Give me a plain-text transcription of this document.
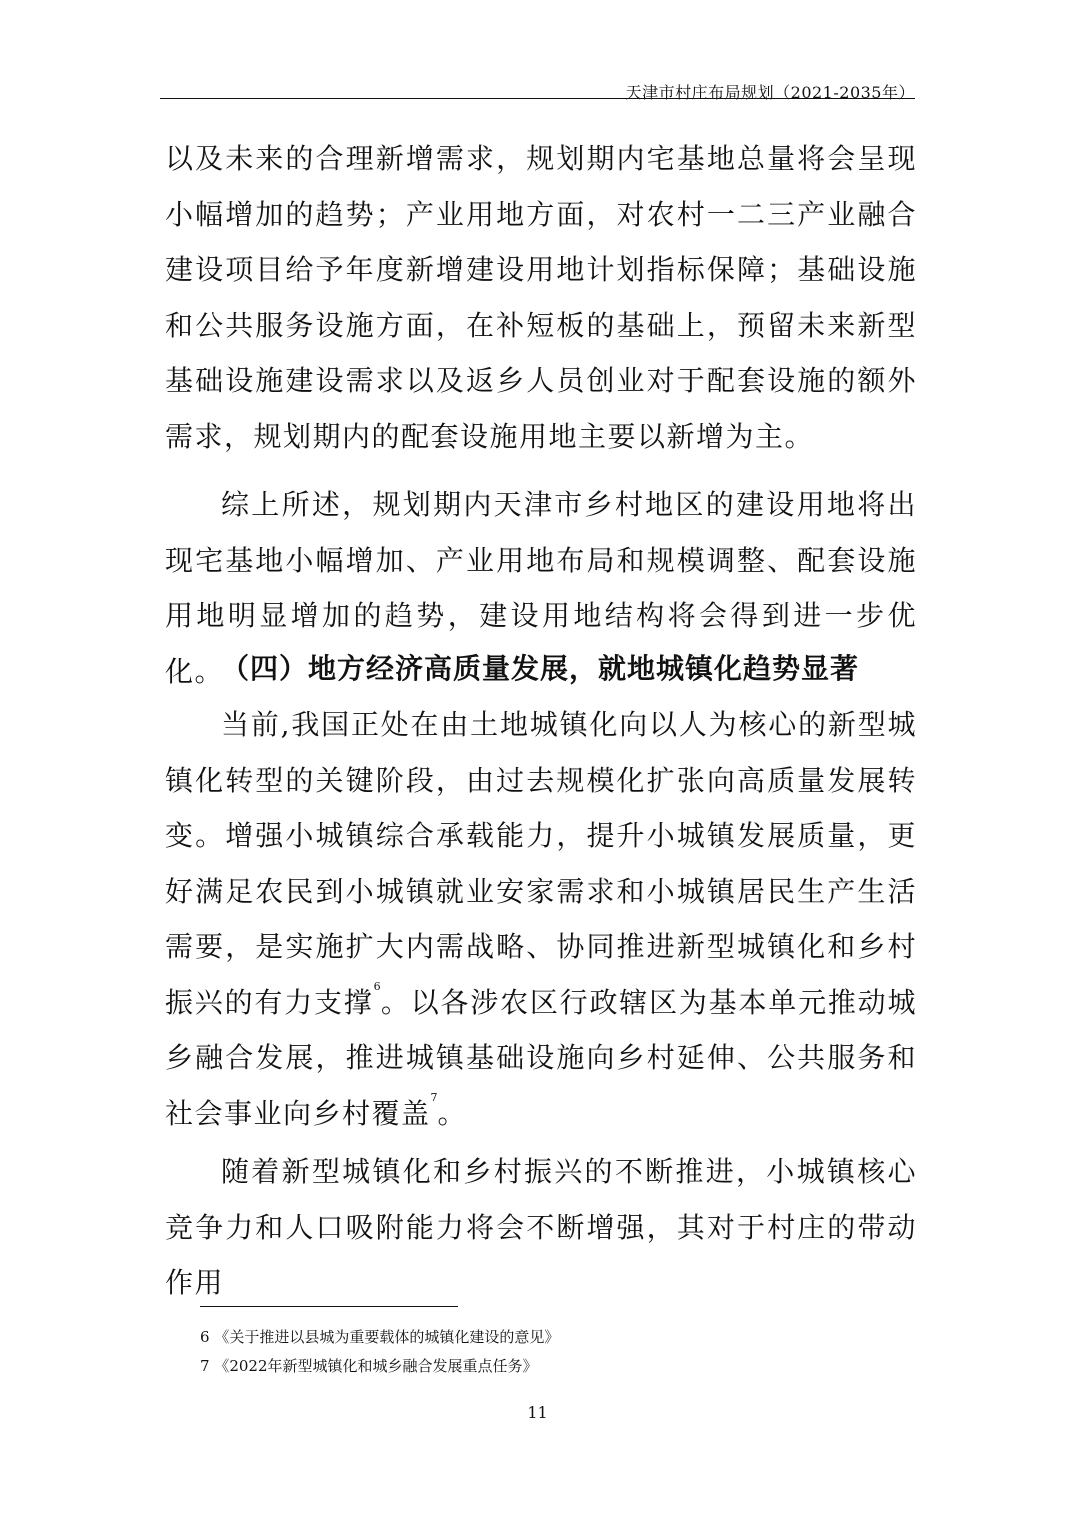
天津市村庄布局规划（2021-2035年）

以及未来的合理新增需求，规划期内宅基地总量将会呈现小幅增加的趋势；产业用地方面，对农村一二三产业融合建设项目给予年度新增建设用地计划指标保障；基础设施和公共服务设施方面，在补短板的基础上，预留未来新型基础设施建设需求以及返乡人员创业对于配套设施的额外需求，规划期内的配套设施用地主要以新增为主。

综上所述，规划期内天津市乡村地区的建设用地将出现宅基地小幅增加、产业用地布局和规模调整、配套设施用地明显增加的趋势，建设用地结构将会得到进一步优化。

（四）地方经济高质量发展，就地城镇化趋势显著

当前,我国正处在由土地城镇化向以人为核心的新型城镇化转型的关键阶段，由过去规模化扩张向高质量发展转变。增强小城镇综合承载能力，提升小城镇发展质量，更好满足农民到小城镇就业安家需求和小城镇居民生产生活需要，是实施扩大内需战略、协同推进新型城镇化和乡村振兴的有力支撑$^6$。以各涉农区行政辖区为基本单元推动城乡融合发展，推进城镇基础设施向乡村延伸、公共服务和社会事业向乡村覆盖$^7$。

随着新型城镇化和乡村振兴的不断推进，小城镇核心竞争力和人口吸附能力将会不断增强，其对于村庄的带动作用

6 《关于推进以县城为重要载体的城镇化建设的意见》
7 《2022年新型城镇化和城乡融合发展重点任务》
11
